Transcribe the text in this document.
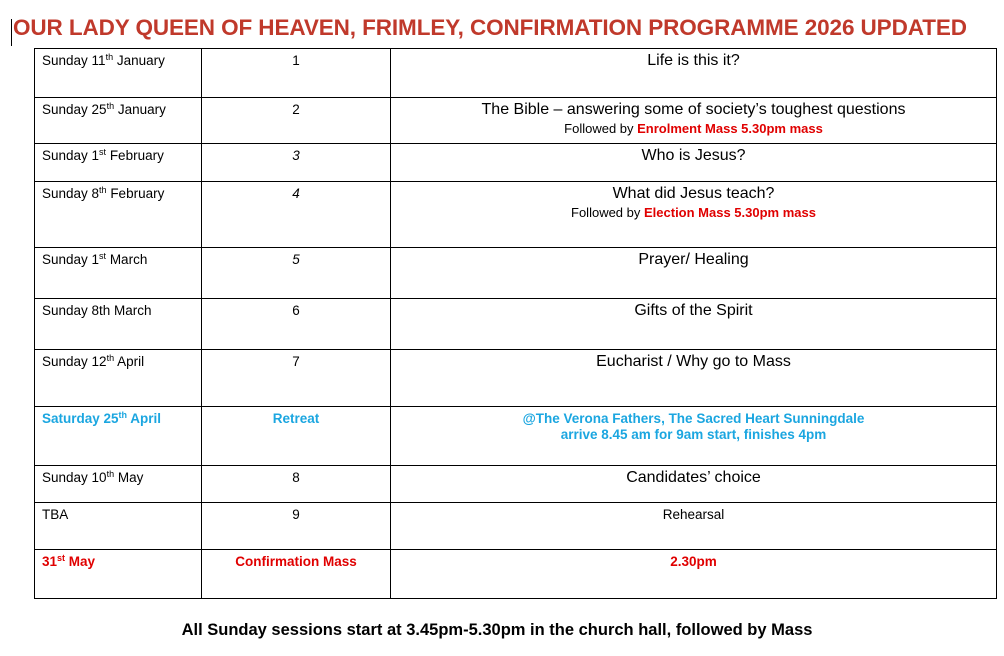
OUR LADY QUEEN OF HEAVEN, FRIMLEY, CONFIRMATION PROGRAMME 2026 UPDATED
Sunday 11th January	1	Life is this it?

Sunday 25th January	2	The Bible – answering some of society’s toughest questions
Followed by Enrolment Mass 5.30pm mass

Sunday 1st February	3	Who is Jesus?

Sunday 8th February	4	What did Jesus teach?
Followed by Election Mass 5.30pm mass

Sunday 1st March	5	Prayer/ Healing

Sunday 8th March	6	Gifts of the Spirit

Sunday 12th April	7	Eucharist / Why go to Mass

Saturday 25th April	Retreat	@The Verona Fathers, The Sacred Heart Sunningdale
arrive 8.45 am for 9am start, finishes 4pm

Sunday 10th May	8	Candidates’ choice

TBA	9	Rehearsal

31st May	Confirmation Mass	2.30pm

All Sunday sessions start at 3.45pm-5.30pm in the church hall, followed by Mass
